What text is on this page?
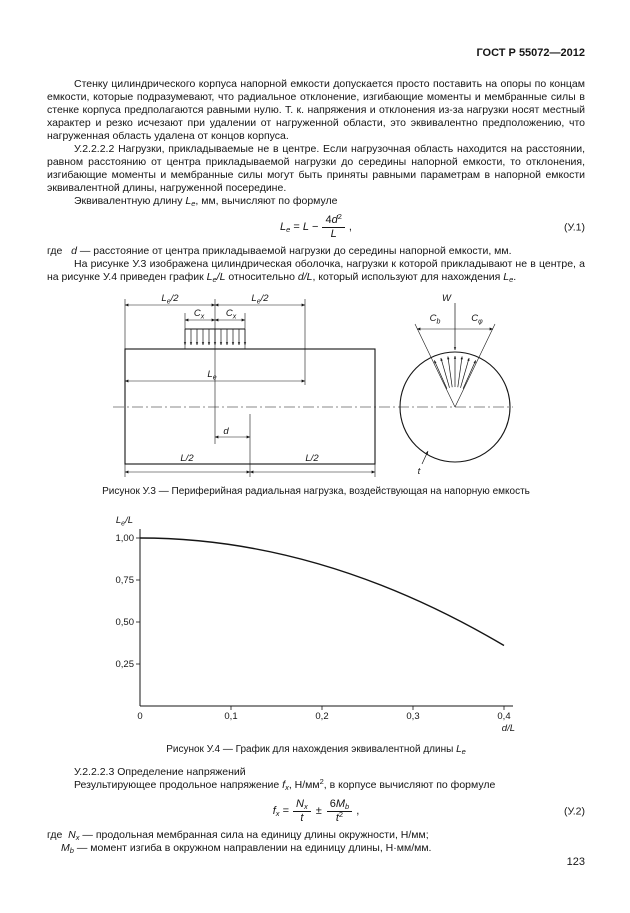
ГОСТ Р 55072—2012

Стенку цилиндрического корпуса напорной емкости допускается просто поставить на опоры по концам емкости, которые подразумевают, что радиальное отклонение, изгибающие моменты и мембранные силы в стенке корпуса предполагаются равными нулю. Т. к. напряжения и отклонения из-за нагрузки носят местный характер и резко исчезают при удалении от нагруженной области, это эквивалентно предположению, что нагруженная область удалена от концов корпуса.

У.2.2.2.2 Нагрузки, прикладываемые не в центре. Если нагрузочная область находится на расстоянии, равном расстоянию от центра прикладываемой нагрузки до середины напорной емкости, то отклонения, изгибающие моменты и мембранные силы могут быть приняты равными параметрам в напорной емкости эквивалентной длины, нагруженной посередине.

Эквивалентную длину $L_e$, мм, вычисляют по формуле

$L_e = L - \frac{4d^2}{L}$ ,	(У.1)

где   d — расстояние от центра прикладываемой нагрузки до середины напорной емкости, мм.

На рисунке У.3 изображена цилиндрическая оболочка, нагрузки к которой прикладывают не в центре, а на рисунке У.4 приведен график $L_e/L$ относительно d/L, который используют для нахождения $L_e$.

$L_e/2$	$L_e/2$
$C_x$ $C_x$
$L_e$
d
L/2	L/2
W
$C_b$	$C_\varphi$
t

Рисунок У.3 — Периферийная радиальная нагрузка, воздействующая на напорную емкость

1,00
0,75
0,50
0,25
0	0,1	0,2	0,3	0,4
$L_e/L$
d/L

Рисунок У.4 — График для нахождения эквивалентной длины $L_e$

У.2.2.2.3 Определение напряжений

Результирующее продольное напряжение $f_x$, $Н/мм^2$, в корпусе вычисляют по формуле

$f_x = \frac{N_x}{t} \pm \frac{6M_b}{t^2}$ ,	(У.2)

где  $N_x$ — продольная мембранная сила на единицу длины окружности, Н/мм;

$M_b$ — момент изгиба в окружном направлении на единицу длины, Н·мм/мм.

123
